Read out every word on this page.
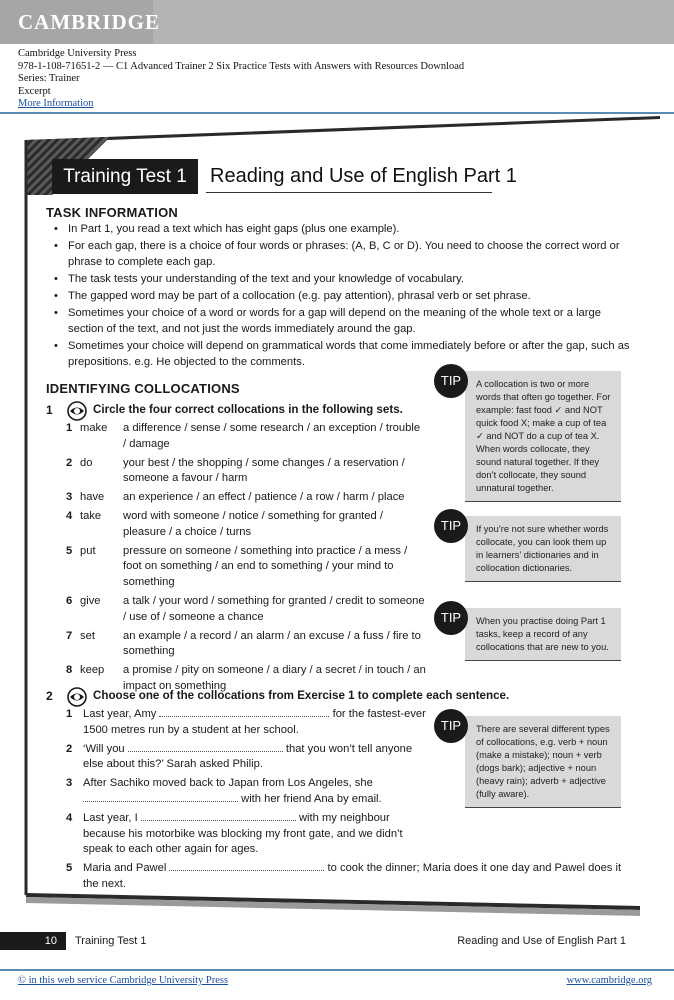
CAMBRIDGE
Cambridge University Press
978-1-108-71651-2 — C1 Advanced Trainer 2 Six Practice Tests with Answers with Resources Download
Series: Trainer
Excerpt
More Information
Training Test 1	Reading and Use of English Part 1
TASK INFORMATION
• In Part 1, you read a text which has eight gaps (plus one example).
• For each gap, there is a choice of four words or phrases: (A, B, C or D). You need to choose the correct word or phrase to complete each gap.
• The task tests your understanding of the text and your knowledge of vocabulary.
• The gapped word may be part of a collocation (e.g. pay attention), phrasal verb or set phrase.
• Sometimes your choice of a word or words for a gap will depend on the meaning of the whole text or a large section of the text, and not just the words immediately around the gap.
• Sometimes your choice will depend on grammatical words that come immediately before or after the gap, such as prepositions. e.g. He objected to the comments.
IDENTIFYING COLLOCATIONS
1	Circle the four correct collocations in the following sets.
1 make	a difference / sense / some research / an exception / trouble / damage
2 do	your best / the shopping / some changes / a reservation / someone a favour / harm
3 have	an experience / an effect / patience / a row / harm / place
4 take	word with someone / notice / something for granted / pleasure / a choice / turns
5 put	pressure on someone / something into practice / a mess / foot on something / an end to something / your mind to something
6 give	a talk / your word / something for granted / credit to someone / use of / someone a chance
7 set	an example / a record / an alarm / an excuse / a fuss / fire to something
8 keep	a promise / pity on someone / a diary / a secret / in touch / an impact on something
2	Choose one of the collocations from Exercise 1 to complete each sentence.
1 Last year, Amy	for the fastest-ever 1500 metres run by a student at her school.
2 ‘Will you	that you won’t tell anyone else about this?’ Sarah asked Philip.
3 After Sachiko moved back to Japan from Los Angeles, she  with her friend Ana by email.
4 Last year, I	with my neighbour because his motorbike was blocking my front gate, and we didn’t speak to each other again for ages.
5 Maria and Pawel	to cook the dinner; Maria does it one day and Pawel does it the next.
A collocation is two or more words that often go together. For example: fast food ✓ and NOT quick food X; make a cup of tea ✓ and NOT do a cup of tea X. When words collocate, they sound natural together. If they don’t collocate, they sound unnatural together.
TIP
If you’re not sure whether words collocate, you can look them up in learners’ dictionaries and in collocation dictionaries.
TIP
When you practise doing Part 1 tasks, keep a record of any collocations that are new to you.
TIP
There are several different types of collocations, e.g. verb + noun (make a mistake); noun + verb (dogs bark); adjective + noun (heavy rain); adverb + adjective (fully aware).
TIP
10	Training Test 1	Reading and Use of English Part 1
© in this web service Cambridge University Press	www.cambridge.org
